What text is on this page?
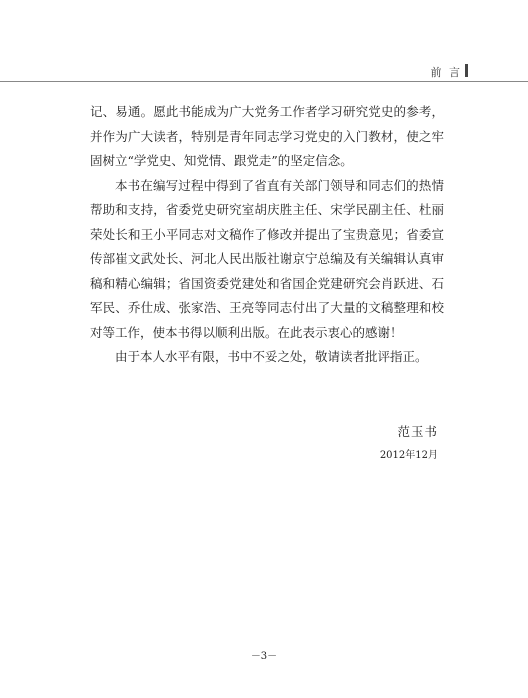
前 言

记、易通。愿此书能成为广大党务工作者学习研究党史的参考，并作为广大读者，特别是青年同志学习党史的入门教材，使之牢固树立“学党史、知党情、跟党走”的坚定信念。

本书在编写过程中得到了省直有关部门领导和同志们的热情帮助和支持，省委党史研究室胡庆胜主任、宋学民副主任、杜丽荣处长和王小平同志对文稿作了修改并提出了宝贵意见；省委宣传部崔文武处长、河北人民出版社谢京宁总编及有关编辑认真审稿和精心编辑；省国资委党建处和省国企党建研究会肖跃进、石军民、乔仕成、张家浩、王亮等同志付出了大量的文稿整理和校对等工作，使本书得以顺利出版。在此表示衷心的感谢！

由于本人水平有限，书中不妥之处，敬请读者批评指正。

范玉书
2012年12月
－3－
